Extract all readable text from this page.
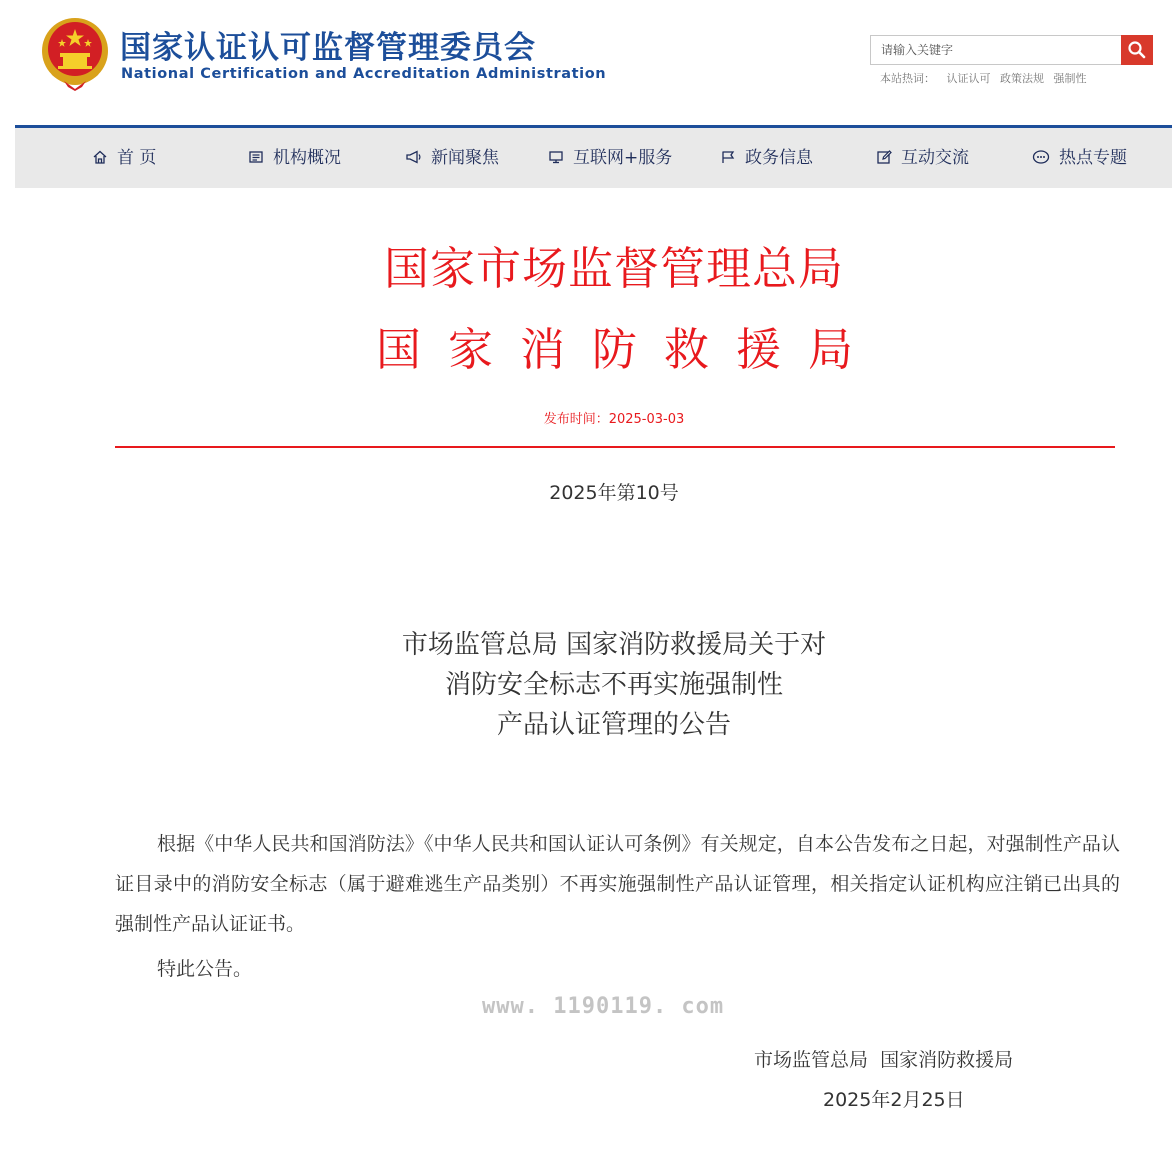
国家认证认可监督管理委员会
National Certification and Accreditation Administration
请输入关键字	本站热词： 认证认可 政策法规 强制性
首 页	机构概况	新闻聚焦	互联网+服务	政务信息	互动交流	热点专题
国家市场监督管理总局
国家消防救援局
发布时间：2025-03-03
2025年第10号
市场监管总局 国家消防救援局关于对
消防安全标志不再实施强制性
产品认证管理的公告
根据《中华人民共和国消防法》《中华人民共和国认证认可条例》有关规定，自本公告发布之日起，对强制性产品认证目录中的消防安全标志（属于避难逃生产品类别）不再实施强制性产品认证管理，相关指定认证机构应注销已出具的强制性产品认证证书。
特此公告。
www. 1190119. com
市场监管总局  国家消防救援局
2025年2月25日
